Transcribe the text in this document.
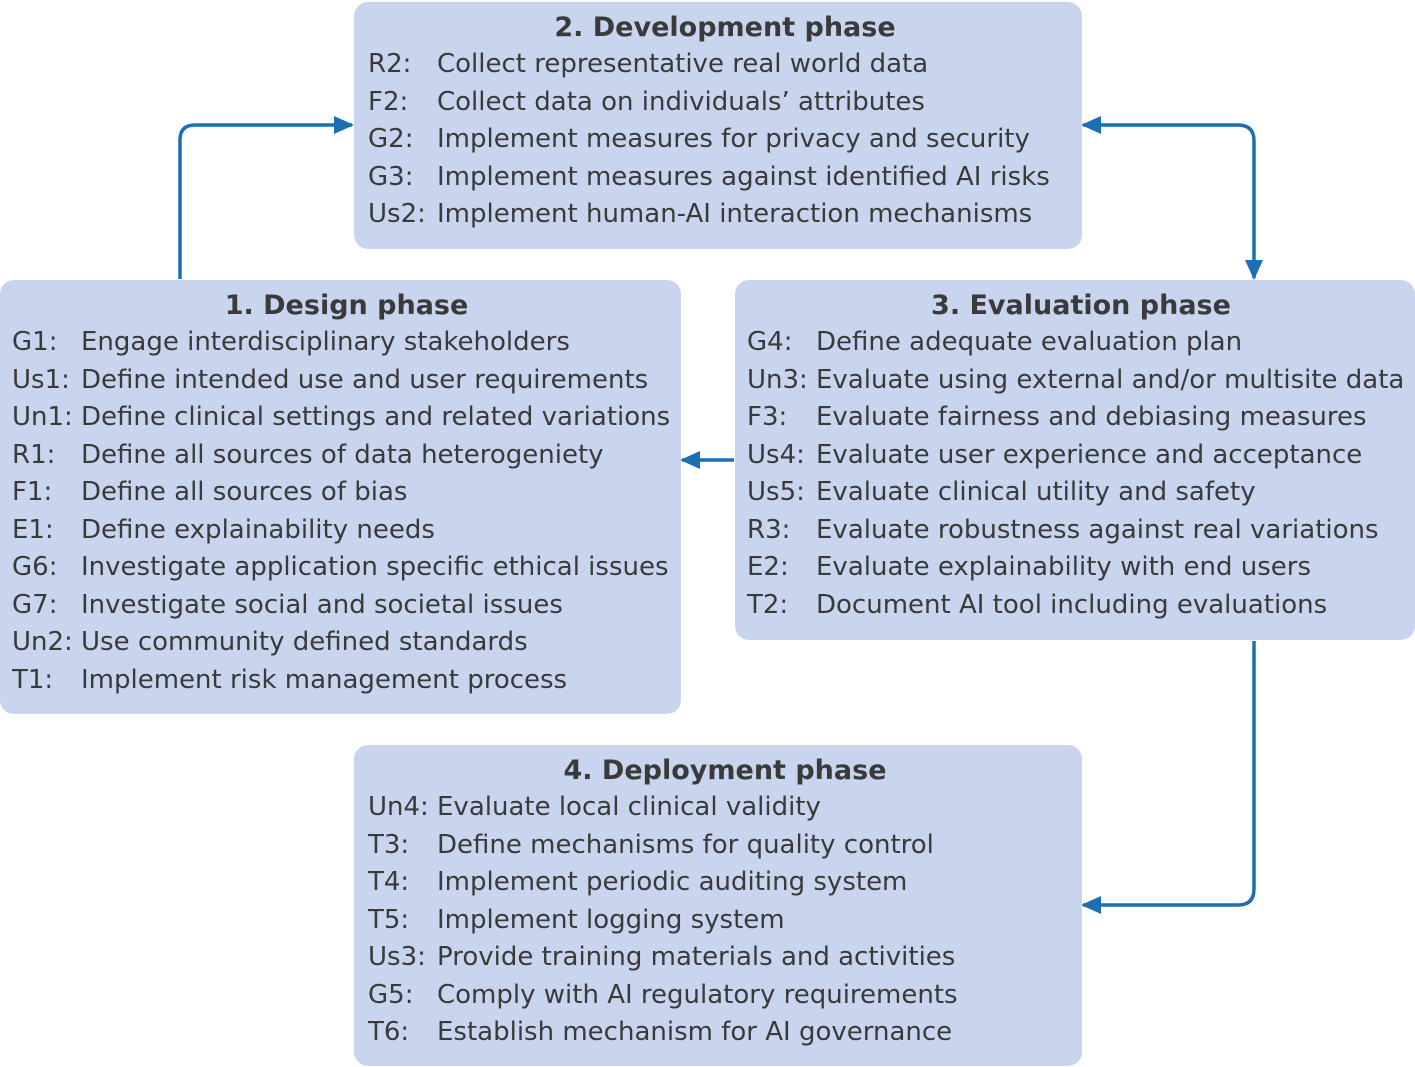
2. Development phase
R2: Collect representative real world data
F2:	Collect data on individuals’ attributes
G2: Implement measures for privacy and security
G3: Implement measures against identified AI risks
Us2: Implement human-AI interaction mechanisms
1. Design phase
G1: Engage interdisciplinary stakeholders
Us1: Define intended use and user requirements
Un1: Define clinical settings and related variations
R1: Define all sources of data heterogeniety
F1:	Define all sources of bias
E1:	Define explainability needs
G6: Investigate application specific ethical issues
G7: Investigate social and societal issues
Un2: Use community defined standards
T1:	Implement risk management process
3. Evaluation phase
G4: Define adequate evaluation plan
Un3: Evaluate using external and/or multisite data
F3:	Evaluate fairness and debiasing measures
Us4: Evaluate user experience and acceptance
Us5: Evaluate clinical utility and safety
R3: Evaluate robustness against real variations
E2:	Evaluate explainability with end users
T2:	Document AI tool including evaluations
4. Deployment phase
Un4: Evaluate local clinical validity
T3:	Define mechanisms for quality control
T4:	Implement periodic auditing system
T5:	Implement logging system
Us3: Provide training materials and activities
G5: Comply with AI regulatory requirements
T6:	Establish mechanism for AI governance
